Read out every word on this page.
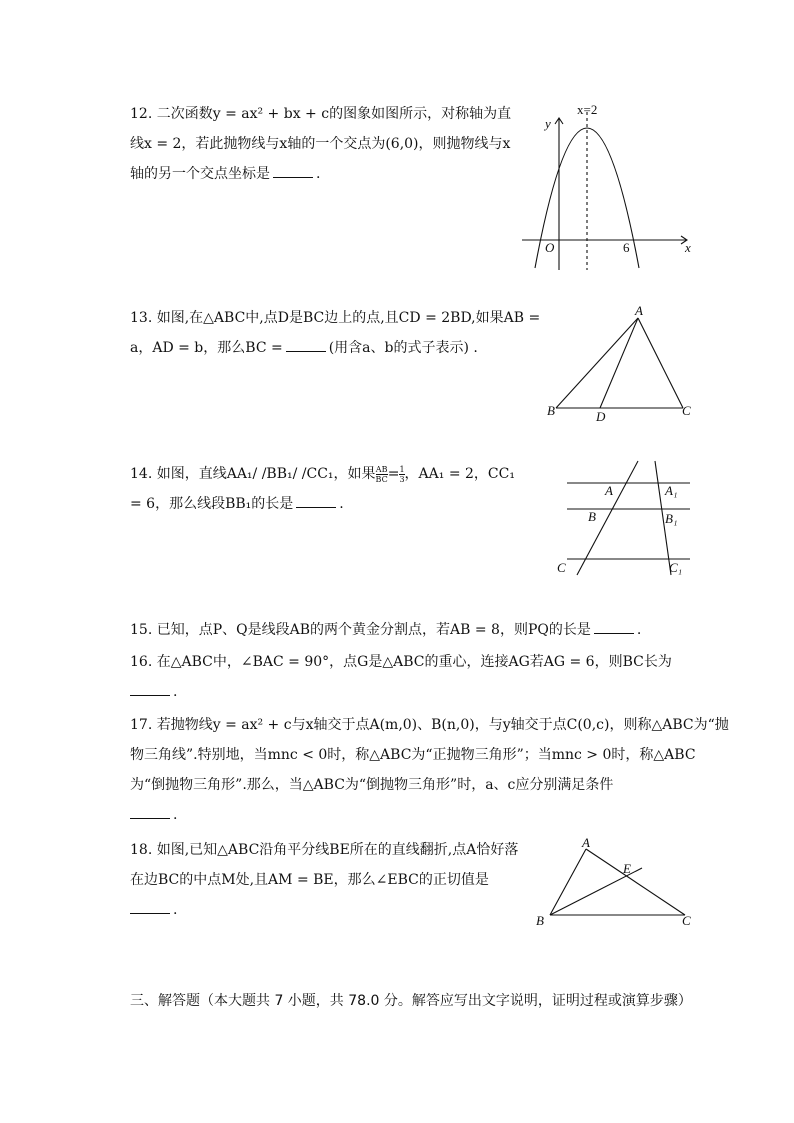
12. 二次函数y = ax² + bx + c的图象如图所示，对称轴为直
线x = 2，若此抛物线与x轴的一个交点为(6,0)，则抛物线与x
轴的另一个交点坐标是	.
x=2
y
x
O	6
13. 如图,在△ABC中,点D是BC边上的点,且CD = 2BD,如果AB =
a，AD = b，那么BC =	(用含a、b的式子表示) .
A
B	C
D
14. 如图，直线AA₁/ /BB₁/ /CC₁，如果 $\frac{AB}{BC} = \frac{1}{3}$ ，AA₁ = 2，CC₁
= 6，那么线段BB₁的长是	.
A	A₁
B	B₁
C	C₁
15. 已知，点P、Q是线段AB的两个黄金分割点，若AB = 8，则PQ的长是	.
16. 在△ABC中，∠BAC = 90°，点G是△ABC的重心，连接AG若AG = 6，则BC长为
.
17. 若抛物线y = ax² + c与x轴交于点A(m,0)、B(n,0)，与y轴交于点C(0,c)，则称△ABC为“抛
物三角线”.特别地，当mnc < 0时，称△ABC为“正抛物三角形”；当mnc > 0时，称△ABC
为“倒抛物三角形”.那么，当△ABC为“倒抛物三角形”时，a、c应分别满足条件
.
18. 如图,已知△ABC沿角平分线BE所在的直线翻折,点A恰好落
在边BC的中点M处,且AM = BE，那么∠EBC的正切值是
.
A
E
B	C
三、解答题（本大题共 7 小题，共 78.0 分。解答应写出文字说明，证明过程或演算步骤）
